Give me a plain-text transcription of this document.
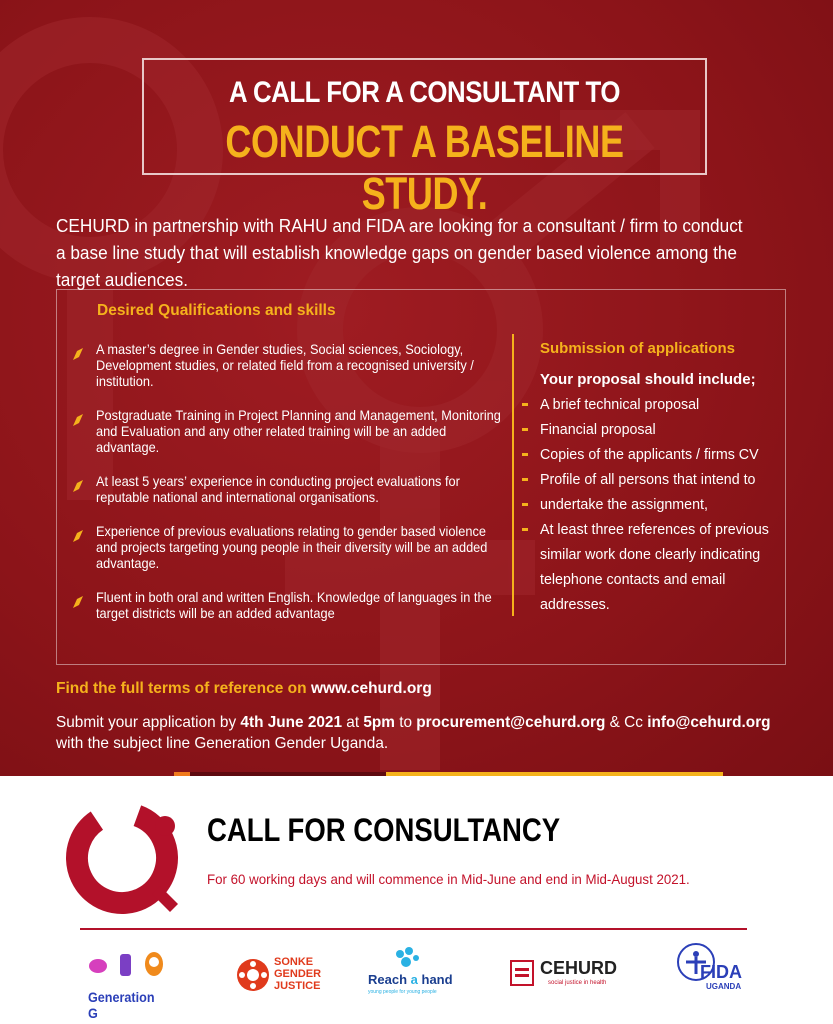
A CALL FOR A CONSULTANT TO
CONDUCT A BASELINE STUDY.
CEHURD in partnership with RAHU and FIDA are looking for a consultant / firm to conduct a base line study that will establish knowledge gaps on gender based violence among the target audiences.
Desired Qualifications and skills
A master’s degree in Gender studies, Social sciences, Sociology, Development studies, or related field from a recognised university / institution.
Postgraduate Training in Project Planning and Management, Monitoring and Evaluation and any other related training will be an added advantage.
At least 5 years’ experience in conducting project evaluations for reputable national and international organisations.
Experience of previous evaluations relating to gender based violence and projects targeting young people in their diversity will be an added advantage.
Fluent in both oral and written English. Knowledge of languages in the target districts will be an added advantage
Submission of applications
Your proposal should include;
A brief technical proposal
Financial proposal
Copies of the applicants / firms CV
Profile of all persons that intend to
undertake the assignment,
At least three references of previous similar work done clearly indicating telephone contacts and email addresses.
Find the full terms of reference on www.cehurd.org
Submit your application by 4th June 2021 at 5pm to procurement@cehurd.org & Cc info@cehurd.org
with the subject line Generation Gender Uganda.
CALL FOR CONSULTANCY
For 60 working days and will commence in Mid-June and end in Mid-August 2021.
Generation G
SONKE
GENDER
JUSTICE	Reach a hand
young people for young people
CEHURD
social justice in health
FIDA
UGANDA
